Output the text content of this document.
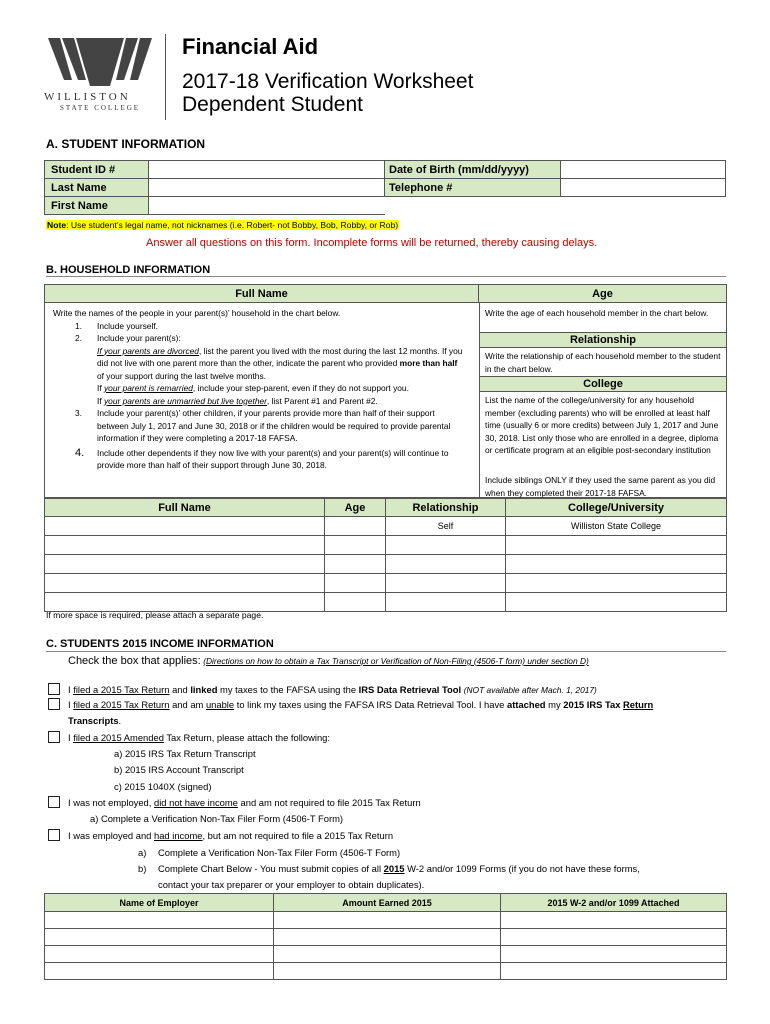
WILLISTON
STATE COLLEGE
Financial Aid
2017-18 Verification Worksheet
Dependent Student
A. STUDENT INFORMATION
Student ID #		Date of Birth (mm/dd/yyyy)	
Last Name		Telephone #	
First Name			
Note: Use student’s legal name, not nicknames (i.e. Robert- not Bobby, Bob, Robby, or Rob)
Answer all questions on this form. Incomplete forms will be returned, thereby causing delays.
B. HOUSEHOLD INFORMATION
Full Name	Age
Write the names of the people in your parent(s)’ household in the chart below.
1. Include yourself.
2. Include your parent(s):
If your parents are divorced, list the parent you lived with the most during the last 12 months. If you did not live with one parent more than the other, indicate the parent who provided more than half of your support during the last twelve months.
If your parent is remarried, include your step-parent, even if they do not support you.
If your parents are unmarried but live together, list Parent #1 and Parent #2.
3. Include your parent(s)’ other children, if your parents provide more than half of their support between July 1, 2017 and June 30, 2018 or if the children would be required to provide parental information if they were completing a 2017-18 FAFSA.
4. Include other dependents if they now live with your parent(s) and your parent(s) will continue to provide more than half of their support through June 30, 2018.
Write the age of each household member in the chart below.
Relationship
Write the relationship of each household member to the student in the chart below.
College
List the name of the college/university for any household member (excluding parents) who will be enrolled at least half time (usually 6 or more credits) between July 1, 2017 and June 30, 2018. List only those who are enrolled in a degree, diploma or certificate program at an eligible post-secondary institution
Include siblings ONLY if they used the same parent as you did when they completed their 2017-18 FAFSA.
Full Name	Age	Relationship	College/University
		Self	Williston State College

If more space is required, please attach a separate page.
C. STUDENTS 2015 INCOME INFORMATION
Check the box that applies: (Directions on how to obtain a Tax Transcript or Verification of Non-Filing (4506-T form) under section D)
I filed a 2015 Tax Return and linked my taxes to the FAFSA using the IRS Data Retrieval Tool (NOT available after Mach. 1, 2017)
I filed a 2015 Tax Return and am unable to link my taxes using the FAFSA IRS Data Retrieval Tool. I have attached my 2015 IRS Tax Return
Transcripts.
I filed a 2015 Amended Tax Return, please attach the following:
a) 2015 IRS Tax Return Transcript
b) 2015 IRS Account Transcript
c) 2015 1040X (signed)
I was not employed, did not have income and am not required to file 2015 Tax Return
a) Complete a Verification Non-Tax Filer Form (4506-T Form)
I was employed and had income, but am not required to file a 2015 Tax Return
a) Complete a Verification Non-Tax Filer Form (4506-T Form)
b) Complete Chart Below - You must submit copies of all 2015 W-2 and/or 1099 Forms (if you do not have these forms,
contact your tax preparer or your employer to obtain duplicates).
Name of Employer	Amount Earned 2015	2015 W-2 and/or 1099 Attached
